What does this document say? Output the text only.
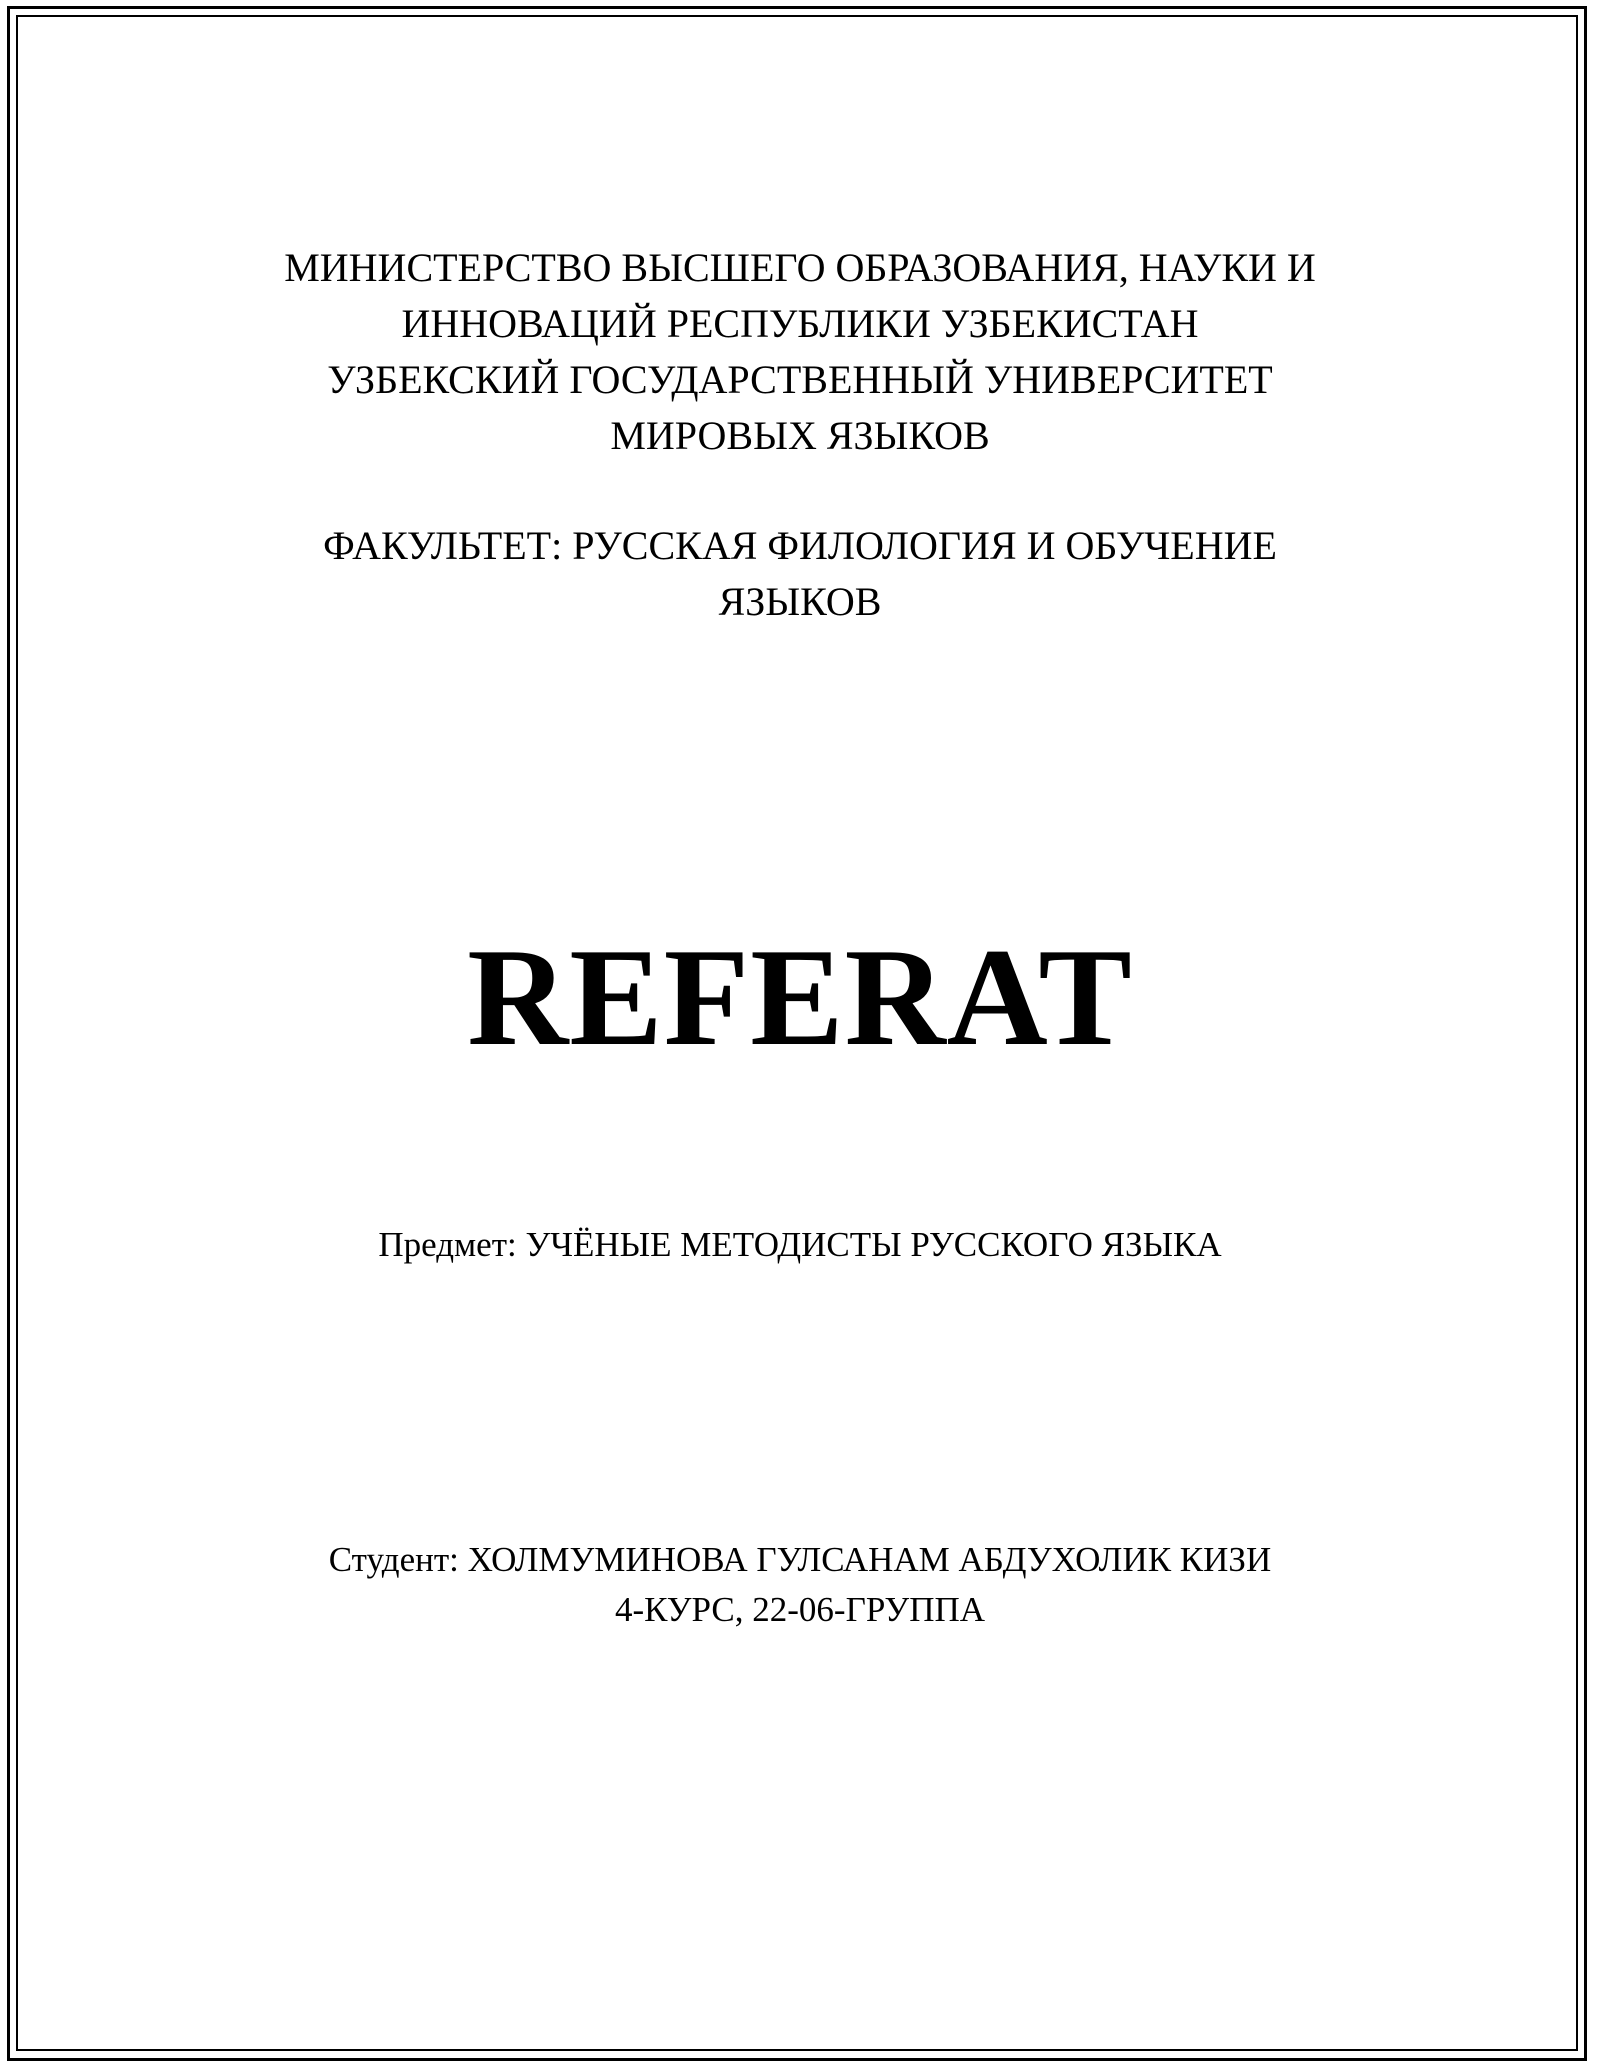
МИНИСТЕРСТВО ВЫСШЕГО ОБРАЗОВАНИЯ, НАУКИ И
ИННОВАЦИЙ РЕСПУБЛИКИ УЗБЕКИСТАН
УЗБЕКСКИЙ ГОСУДАРСТВЕННЫЙ УНИВЕРСИТЕТ
МИРОВЫХ ЯЗЫКОВ
ФАКУЛЬТЕТ: РУССКАЯ ФИЛОЛОГИЯ И ОБУЧЕНИЕ
ЯЗЫКОВ
REFERAT
Предмет: УЧЁНЫЕ МЕТОДИСТЫ РУССКОГО ЯЗЫКА
Студент: ХОЛМУМИНОВА ГУЛСАНАМ АБДУХОЛИК КИЗИ
4-КУРС, 22-06-ГРУППА
